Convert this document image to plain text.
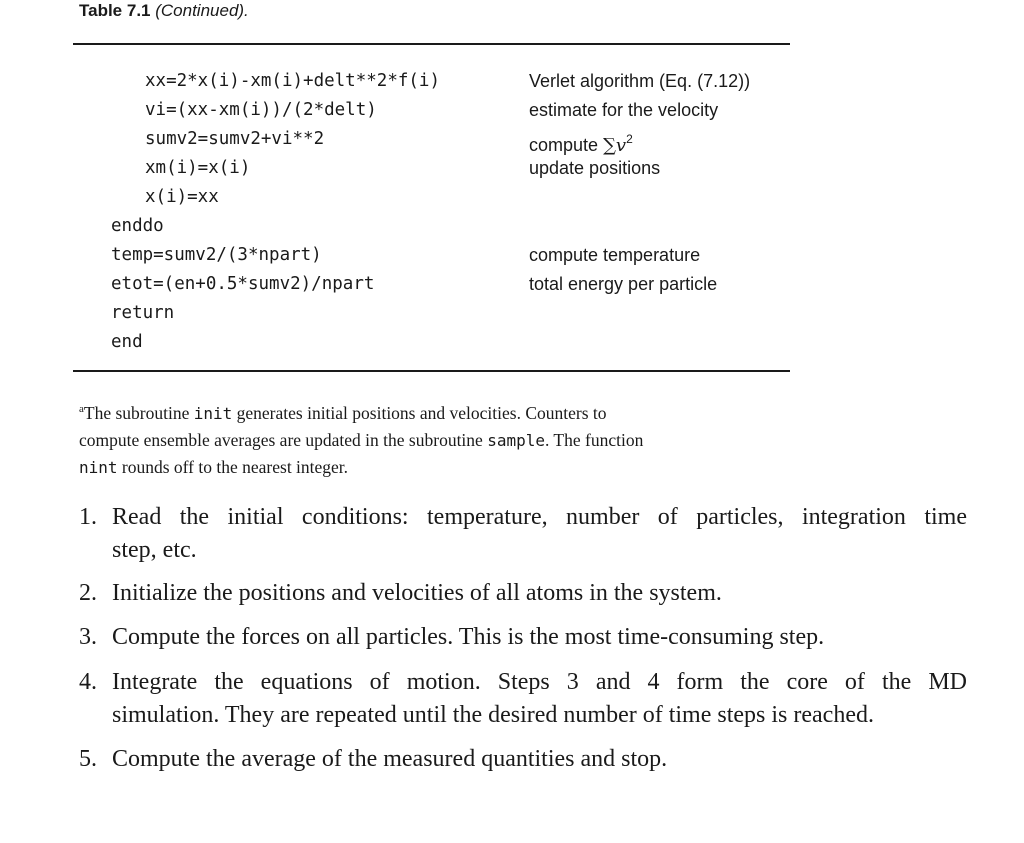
Table 7.1 (Continued).
xx=2*x(i)-xm(i)+delt**2*f(i)	Verlet algorithm (Eq. (7.12))
vi=(xx-xm(i))/(2*delt)	estimate for the velocity
sumv2=sumv2+vi**2	compute $\sum v^2$
xm(i)=x(i)	update positions
x(i)=xx
enddo
temp=sumv2/(3*npart)	compute temperature
etot=(en+0.5*sumv2)/npart	total energy per particle
return
end
$^a$The subroutine init generates initial positions and velocities. Counters to
compute ensemble averages are updated in the subroutine sample. The function
nint rounds off to the nearest integer.
1. Read the initial conditions: temperature, number of particles, integration time
step, etc.
2. Initialize the positions and velocities of all atoms in the system.
3. Compute the forces on all particles. This is the most time-consuming step.
4. Integrate the equations of motion. Steps 3 and 4 form the core of the MD
simulation. They are repeated until the desired number of time steps is reached.
5. Compute the average of the measured quantities and stop.
